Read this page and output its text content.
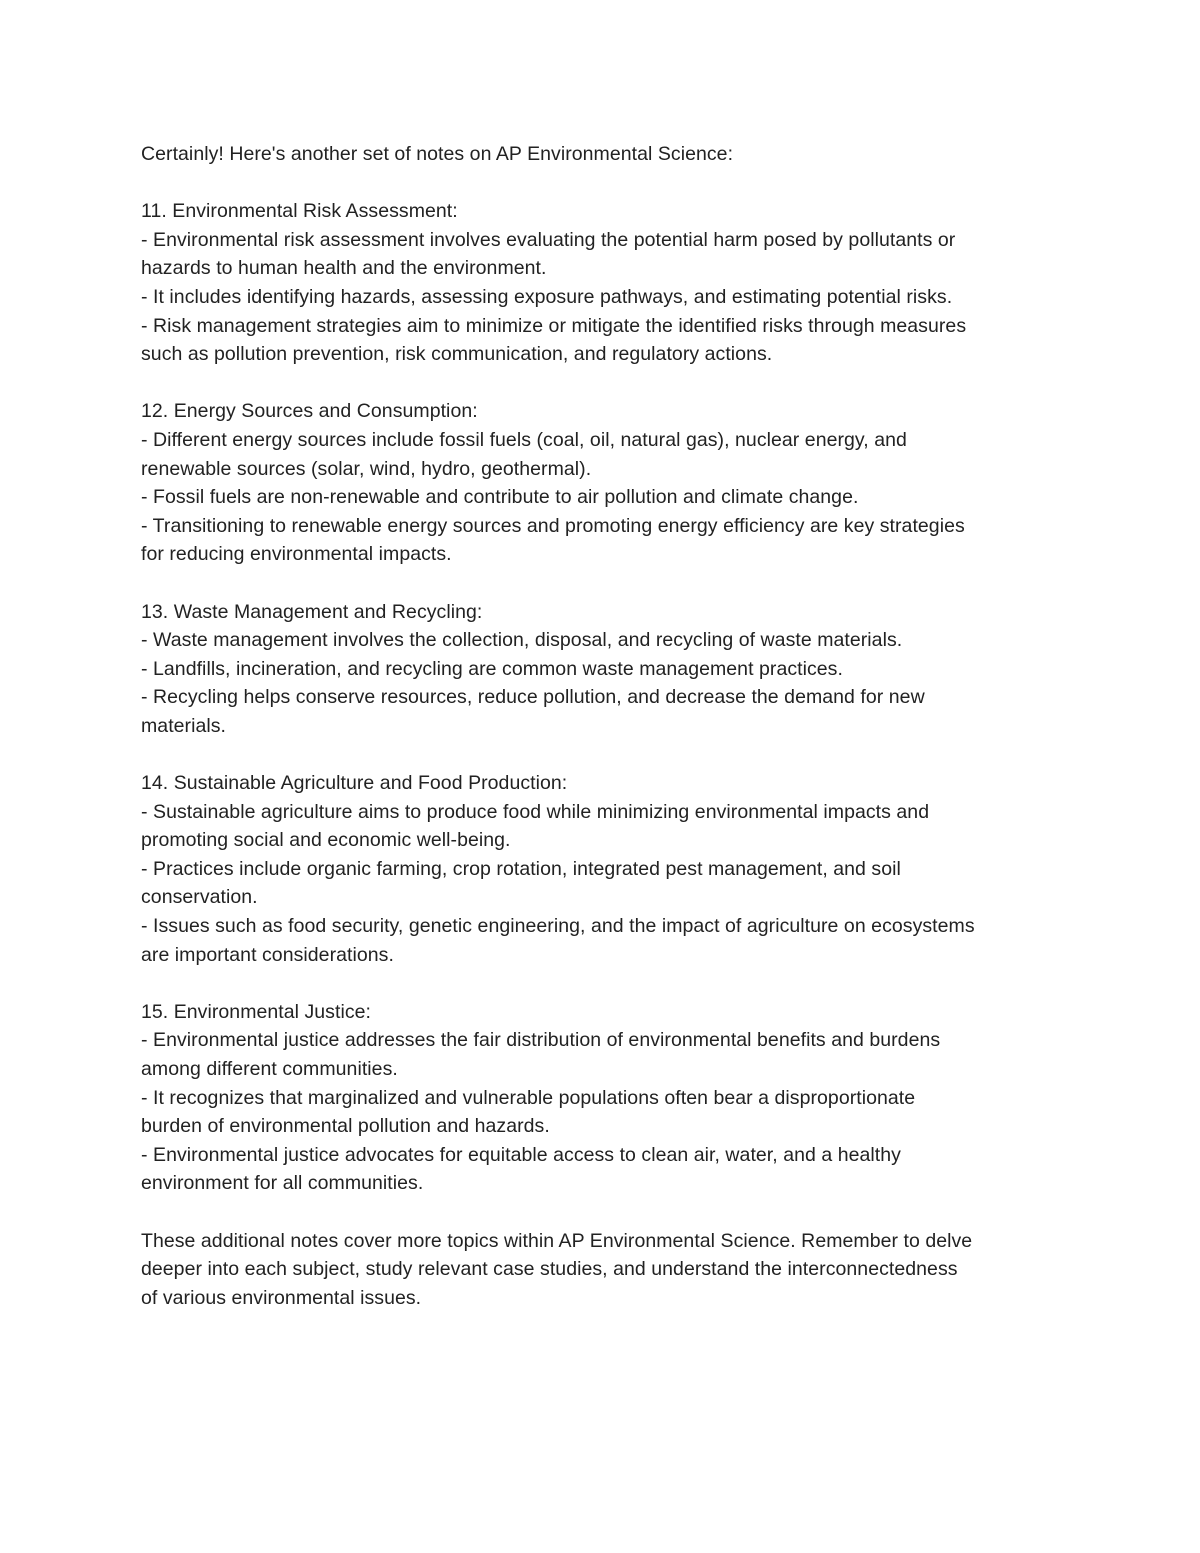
Certainly! Here's another set of notes on AP Environmental Science:
11. Environmental Risk Assessment:
- Environmental risk assessment involves evaluating the potential harm posed by pollutants or
hazards to human health and the environment.
- It includes identifying hazards, assessing exposure pathways, and estimating potential risks.
- Risk management strategies aim to minimize or mitigate the identified risks through measures
such as pollution prevention, risk communication, and regulatory actions.
12. Energy Sources and Consumption:
- Different energy sources include fossil fuels (coal, oil, natural gas), nuclear energy, and
renewable sources (solar, wind, hydro, geothermal).
- Fossil fuels are non-renewable and contribute to air pollution and climate change.
- Transitioning to renewable energy sources and promoting energy efficiency are key strategies
for reducing environmental impacts.
13. Waste Management and Recycling:
- Waste management involves the collection, disposal, and recycling of waste materials.
- Landfills, incineration, and recycling are common waste management practices.
- Recycling helps conserve resources, reduce pollution, and decrease the demand for new
materials.
14. Sustainable Agriculture and Food Production:
- Sustainable agriculture aims to produce food while minimizing environmental impacts and
promoting social and economic well-being.
- Practices include organic farming, crop rotation, integrated pest management, and soil
conservation.
- Issues such as food security, genetic engineering, and the impact of agriculture on ecosystems
are important considerations.
15. Environmental Justice:
- Environmental justice addresses the fair distribution of environmental benefits and burdens
among different communities.
- It recognizes that marginalized and vulnerable populations often bear a disproportionate
burden of environmental pollution and hazards.
- Environmental justice advocates for equitable access to clean air, water, and a healthy
environment for all communities.
These additional notes cover more topics within AP Environmental Science. Remember to delve
deeper into each subject, study relevant case studies, and understand the interconnectedness
of various environmental issues.
